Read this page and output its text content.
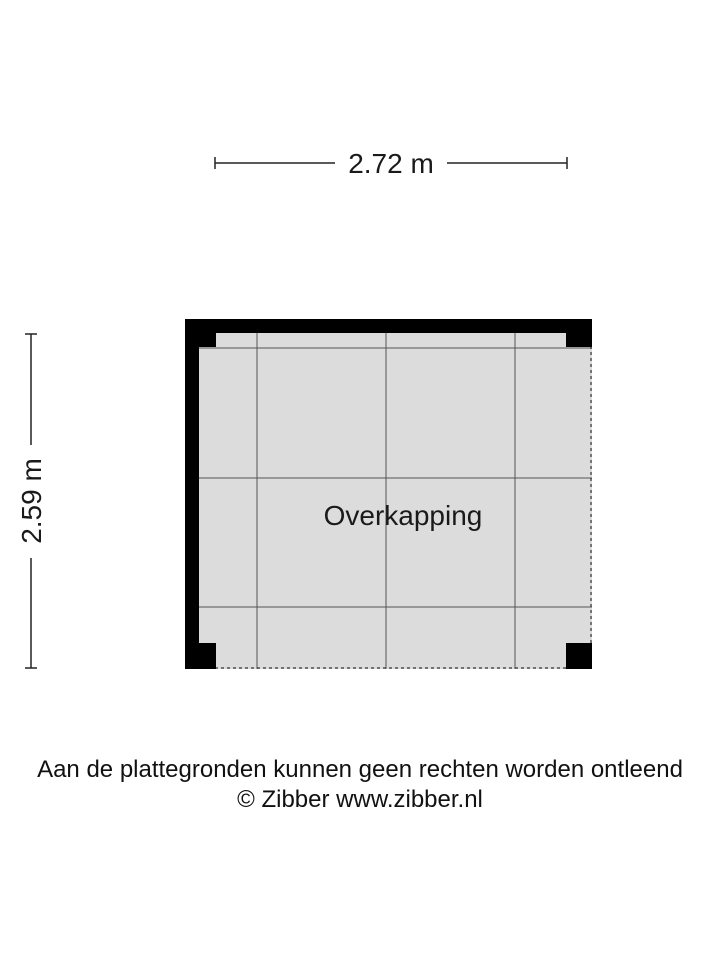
2.72 m
2.59 m	Overkapping
Aan de plattegronden kunnen geen rechten worden ontleend
© Zibber www.zibber.nl
